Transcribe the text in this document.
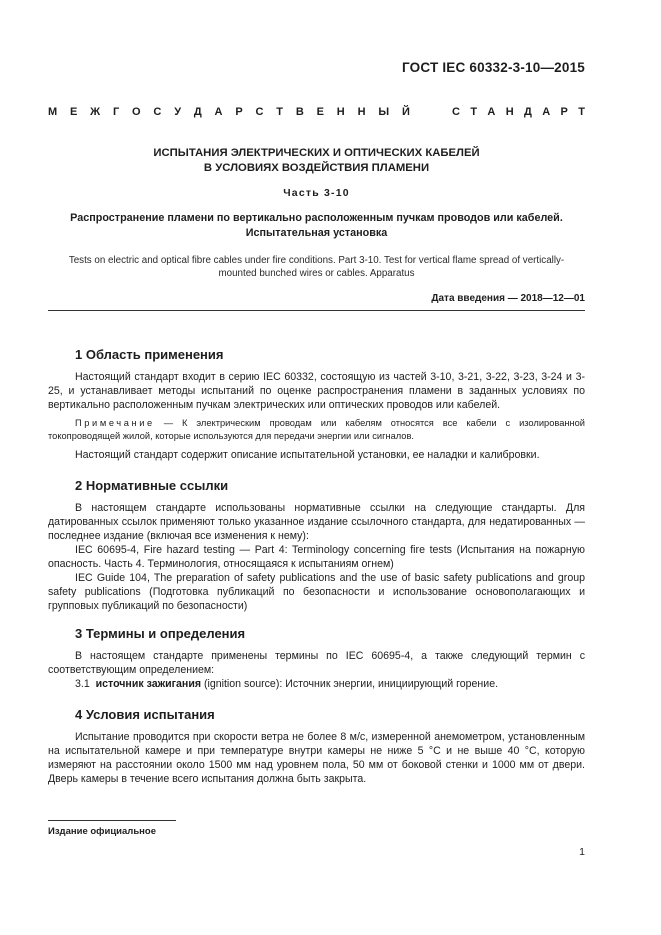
ГОСТ IEC 60332-3-10—2015
М Е Ж Г О С У Д А Р С Т В Е Н Н Ы Й	С Т А Н Д А Р Т
ИСПЫТАНИЯ ЭЛЕКТРИЧЕСКИХ И ОПТИЧЕСКИХ КАБЕЛЕЙ
В УСЛОВИЯХ ВОЗДЕЙСТВИЯ ПЛАМЕНИ
Часть 3-10
Распространение пламени по вертикально расположенным пучкам проводов или кабелей.
Испытательная установка
Tests on electric and optical fibre cables under fire conditions. Part 3-10. Test for vertical flame spread of vertically-
mounted bunched wires or cables. Apparatus
Дата введения — 2018—12—01
1 Область применения

Настоящий стандарт входит в серию IEC 60332, состоящую из частей 3-10, 3-21, 3-22, 3-23, 3-24 и 3-25, и устанавливает методы испытаний по оценке распространения пламени в заданных условиях по вертикально расположенным пучкам электрических или оптических проводов или кабелей.

Примечание — К электрическим проводам или кабелям относятся все кабели с изолированной токопроводящей жилой, которые используются для передачи энергии или сигналов.

Настоящий стандарт содержит описание испытательной установки, ее наладки и калибровки.

2 Нормативные ссылки

В настоящем стандарте использованы нормативные ссылки на следующие стандарты. Для датированных ссылок применяют только указанное издание ссылочного стандарта, для недатированных — последнее издание (включая все изменения к нему):

IEC 60695-4, Fire hazard testing — Part 4: Terminology concerning fire tests (Испытания на пожарную опасность. Часть 4. Терминология, относящаяся к испытаниям огнем)

IEC Guide 104, The preparation of safety publications and the use of basic safety publications and group safety publications (Подготовка публикаций по безопасности и использование основополагающих и групповых публикаций по безопасности)

3 Термины и определения

В настоящем стандарте применены термины по IEC 60695-4, а также следующий термин с соответствующим определением:

3.1 источник зажигания (ignition source): Источник энергии, инициирующий горение.

4 Условия испытания

Испытание проводится при скорости ветра не более 8 м/с, измеренной анемометром, установленным на испытательной камере и при температуре внутри камеры не ниже 5 °С и не выше 40 °С, которую измеряют на расстоянии около 1500 мм над уровнем пола, 50 мм от боковой стенки и 1000 мм от двери. Дверь камеры в течение всего испытания должна быть закрыта.

Издание официальное
1
